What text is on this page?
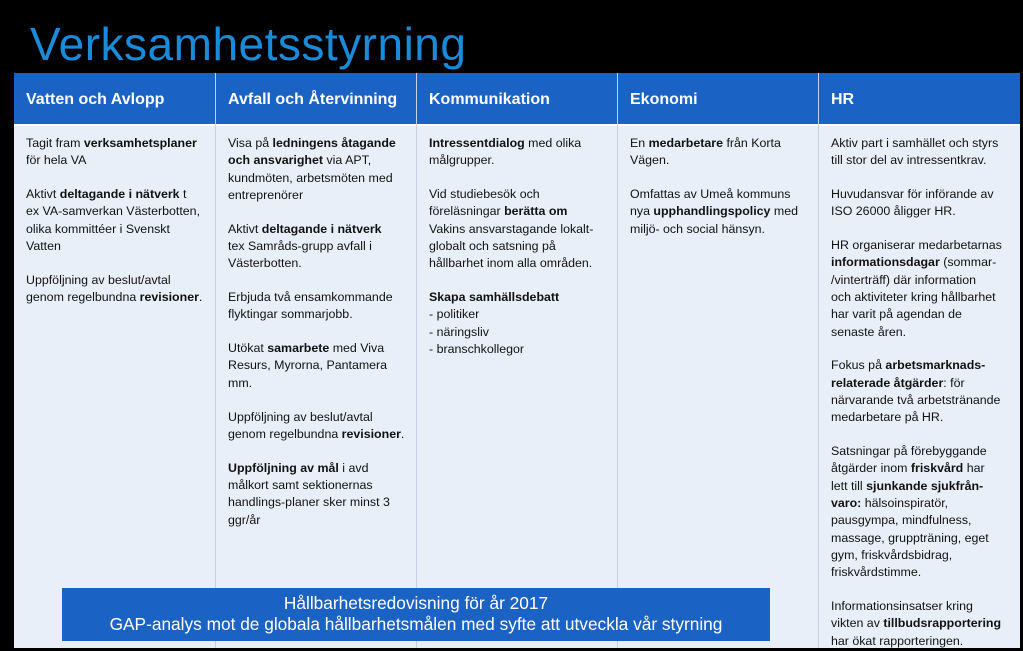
Verksamhetsstyrning
Vatten och Avlopp
Tagit fram verksamhetsplaner
för hela VA
Aktivt deltagande i nätverk t
ex VA-samverkan Västerbotten,
olika kommittéer i Svenskt
Vatten
Uppföljning av beslut/avtal
genom regelbundna revisioner.
Avfall och Återvinning
Visa på ledningens åtagande
och ansvarighet via APT,
kundmöten, arbetsmöten med
entreprenörer
Aktivt deltagande i nätverk
tex Samråds-grupp avfall i
Västerbotten.
Erbjuda två ensamkommande
flyktingar sommarjobb.
Utökat samarbete med Viva
Resurs, Myrorna, Pantamera
mm.
Uppföljning av beslut/avtal
genom regelbundna revisioner.
Uppföljning av mål i avd
målkort samt sektionernas
handlings-planer sker minst 3
ggr/år
Kommunikation
Intressentdialog med olika
målgrupper.
Vid studiebesök och
föreläsningar berätta om
Vakins ansvarstagande lokalt-
globalt och satsning på
hållbarhet inom alla områden.
Skapa samhällsdebatt
- politiker
- näringsliv
- branschkollegor
Ekonomi
En medarbetare från Korta
Vägen.
Omfattas av Umeå kommuns
nya upphandlingspolicy med
miljö- och social hänsyn.
HR
Aktiv part i samhället och styrs
till stor del av intressentkrav.
Huvudansvar för införande av
ISO 26000 åligger HR.
HR organiserar medarbetarnas
informationsdagar (sommar-
/vinterträff) där information
och aktiviteter kring hållbarhet
har varit på agendan de
senaste åren.
Fokus på arbetsmarknads-
relaterade åtgärder: för
närvarande två arbetstränande
medarbetare på HR.
Satsningar på förebyggande
åtgärder inom friskvård har
lett till sjunkande sjukfrån-
varo: hälsoinspiratör,
pausgympa, mindfulness,
massage, gruppträning, eget
gym, friskvårdsbidrag,
friskvårdstimme.
Informationsinsatser kring
vikten av tillbudsrapportering
har ökat rapporteringen.
Hållbarhetsredovisning för år 2017
GAP-analys mot de globala hållbarhetsmålen med syfte att utveckla vår styrning
